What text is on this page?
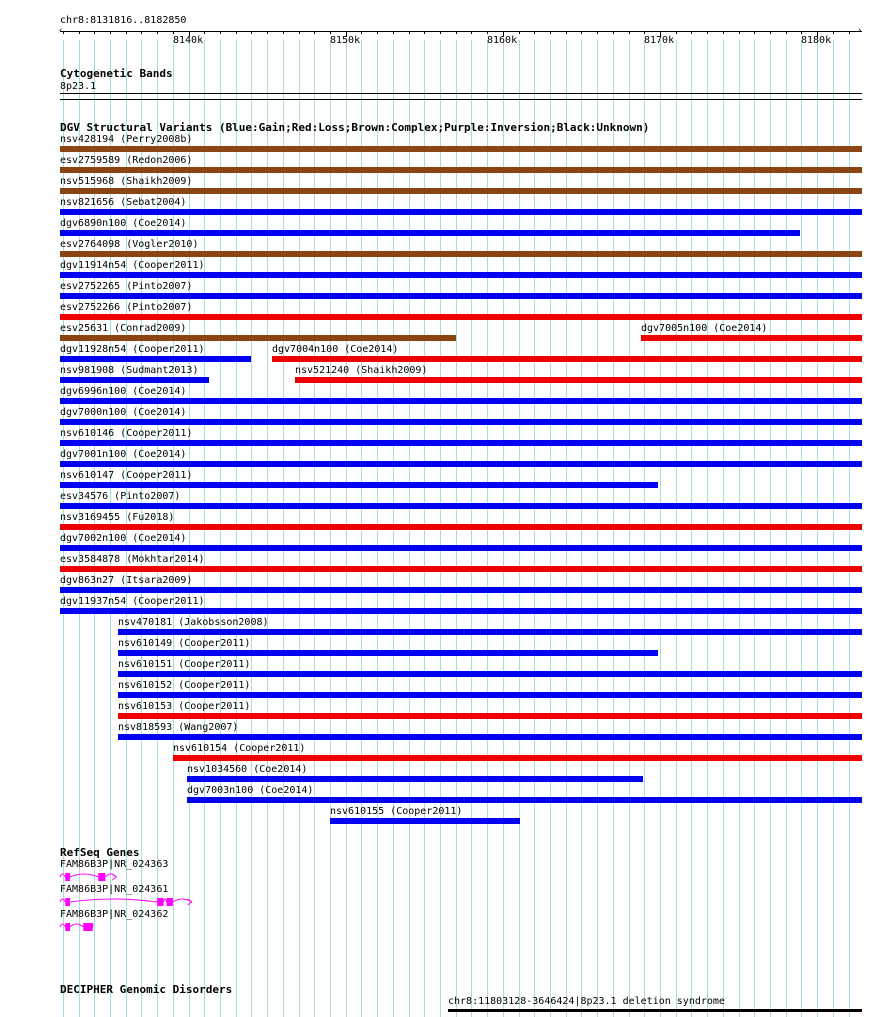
chr8:8131816..8182850
‹	›
8140k	8150k	8160k	8170k	8180k
Cytogenetic Bands
8p23.1
DGV Structural Variants (Blue:Gain;Red:Loss;Brown:Complex;Purple:Inversion;Black:Unknown)
nsv428194 (Perry2008b)
esv2759589 (Redon2006)
nsv515968 (Shaikh2009)
nsv821656 (Sebat2004)
dgv6890n100 (Coe2014)
esv2764098 (Vogler2010)
dgv11914n54 (Cooper2011)
esv2752265 (Pinto2007)
esv2752266 (Pinto2007)
esv25631 (Conrad2009)	dgv7005n100 (Coe2014)
dgv11928n54 (Cooper2011)	dgv7004n100 (Coe2014)
nsv981908 (Sudmant2013)	nsv521240 (Shaikh2009)
dgv6996n100 (Coe2014)
dgv7000n100 (Coe2014)
nsv610146 (Cooper2011)
dgv7001n100 (Coe2014)
nsv610147 (Cooper2011)
esv34576 (Pinto2007)
nsv3169455 (Fu2018)
dgv7002n100 (Coe2014)
esv3584878 (Mokhtar2014)
dgv863n27 (Itsara2009)
dgv11937n54 (Cooper2011)
nsv470181 (Jakobsson2008)
nsv610149 (Cooper2011)
nsv610151 (Cooper2011)
nsv610152 (Cooper2011)
nsv610153 (Cooper2011)
nsv818593 (Wang2007)
nsv610154 (Cooper2011)
nsv1034560 (Coe2014)
dgv7003n100 (Coe2014)
nsv610155 (Cooper2011)
RefSeq Genes
FAM86B3P|NR_024363
FAM86B3P|NR_024361
FAM86B3P|NR_024362
DECIPHER Genomic Disorders
chr8:11803128-3646424|8p23.1 deletion syndrome
